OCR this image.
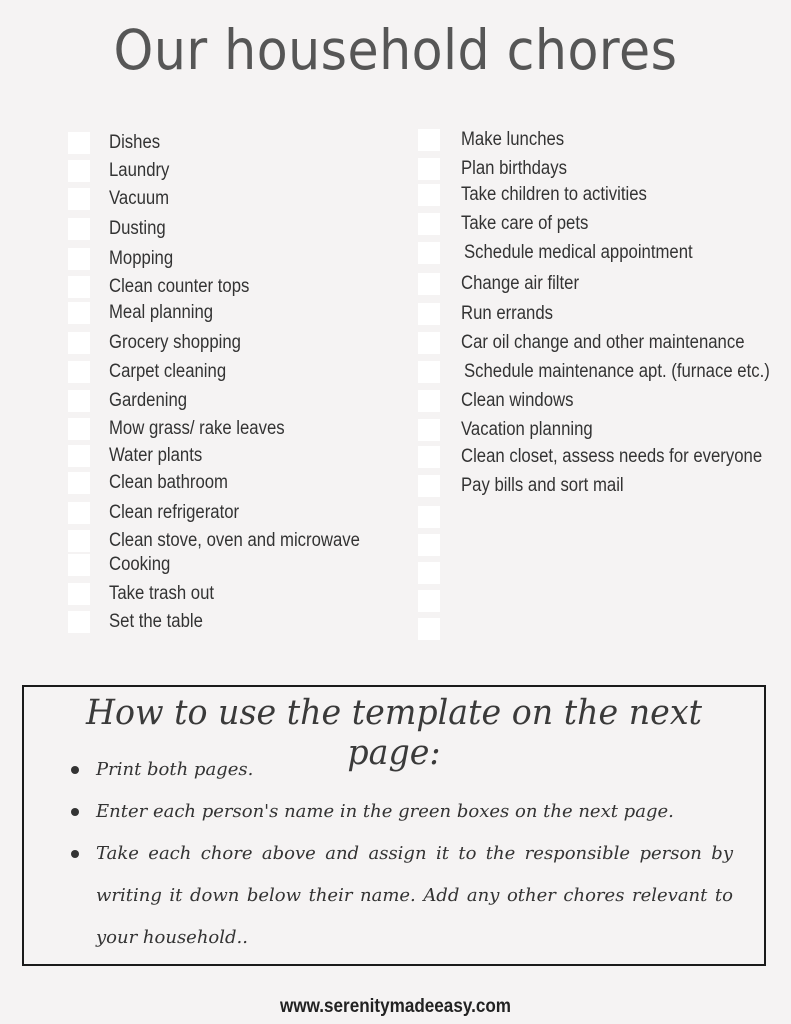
Our household chores
Dishes
Laundry
Vacuum
Dusting
Mopping
Clean counter tops
Meal planning
Grocery shopping
Carpet cleaning
Gardening
Mow grass/ rake leaves
Water plants
Clean bathroom
Clean refrigerator
Clean stove, oven and microwave
Cooking
Take trash out
Set the table
Make lunches
Plan birthdays
Take children to activities
Take care of pets
Schedule medical appointment
Change air filter
Run errands
Car oil change and other maintenance
Schedule maintenance apt. (furnace etc.)
Clean windows
Vacation planning
Clean closet, assess needs for everyone
Pay bills and sort mail
How to use the template on the next page:
Print both pages.
Enter each person's name in the green boxes on the next page.
Take each chore above and assign it to the responsible person by writing it down below their name. Add any other chores relevant to your household..
www.serenitymadeeasy.com
